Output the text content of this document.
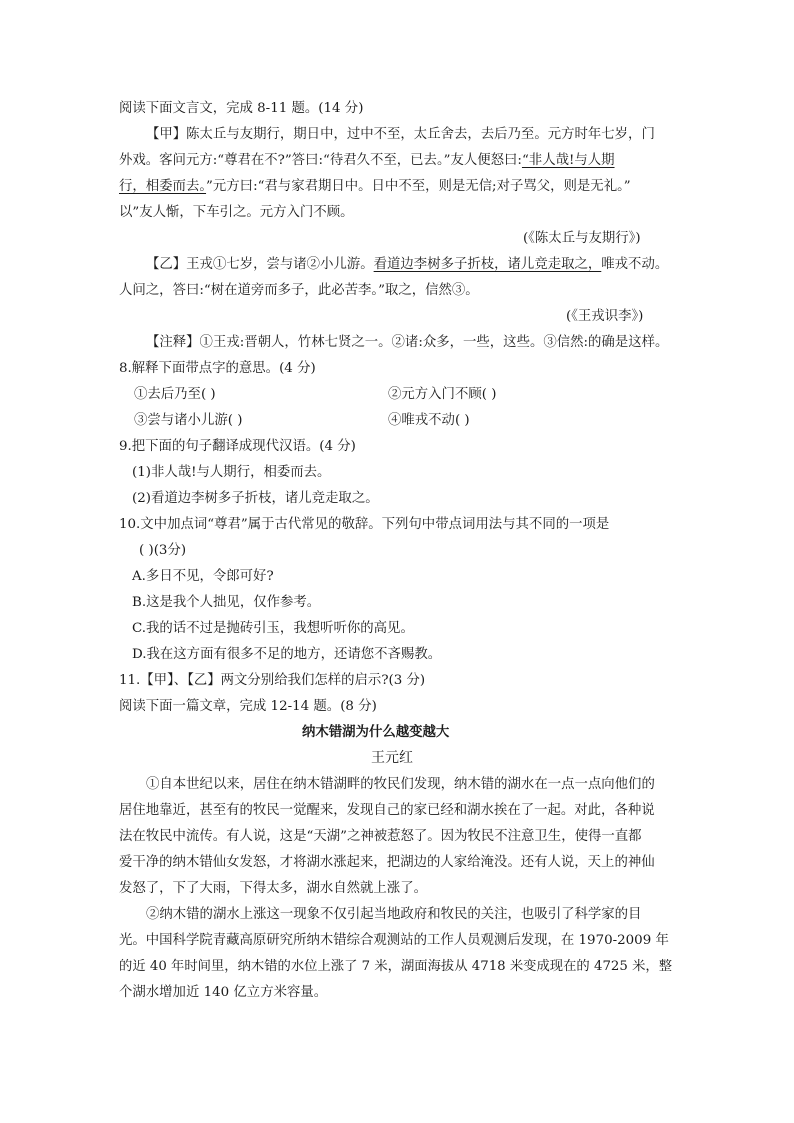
阅读下面文言文，完成 8-11 题。(14 分)
【甲】陈太丘与友期行，期日中，过中不至，太丘舍去，去后乃至。元方时年七岁，门
外戏。客问元方:“尊君在不?”答曰:“待君久不至，已去。”友人便怒曰:“非人哉!与人期
行，相委而去。”元方曰:“君与家君期日中。日中不至，则是无信;对子骂父，则是无礼。”
以”友人惭，下车引之。元方入门不顾。
(《陈太丘与友期行》)
【乙】王戎①七岁，尝与诸②小儿游。看道边李树多子折枝，诸儿竞走取之，唯戎不动。
人问之，答曰:“树在道旁而多子，此必苦李。”取之，信然③。
(《王戎识李》)
【注释】①王戎:晋朝人，竹林七贤之一。②诸:众多，一些，这些。③信然:的确是这样。
8.解释下面带点字的意思。(4 分)
①去后乃至( )	②元方入门不顾( )
③尝与诸小儿游( )	④唯戎不动( )
9.把下面的句子翻译成现代汉语。(4 分)
(1)非人哉!与人期行，相委而去。
(2)看道边李树多子折枝，诸儿竞走取之。
10.文中加点词“尊君”属于古代常见的敬辞。下列句中带点词用法与其不同的一项是
( )(3分)
A.多日不见，令郎可好?
B.这是我个人拙见，仅作参考。
C.我的话不过是抛砖引玉，我想听听你的高见。
D.我在这方面有很多不足的地方，还请您不吝赐教。
11.【甲】、【乙】两文分别给我们怎样的启示?(3 分)
阅读下面一篇文章，完成 12-14 题。(8 分)
纳木错湖为什么越变越大
王元红
①自本世纪以来，居住在纳木错湖畔的牧民们发现，纳木错的湖水在一点一点向他们的
居住地靠近，甚至有的牧民一觉醒来，发现自己的家已经和湖水挨在了一起。对此，各种说
法在牧民中流传。有人说，这是“天湖”之神被惹怒了。因为牧民不注意卫生，使得一直都
爱干净的纳木错仙女发怒，才将湖水涨起来，把湖边的人家给淹没。还有人说，天上的神仙
发怒了，下了大雨，下得太多，湖水自然就上涨了。
②纳木错的湖水上涨这一现象不仅引起当地政府和牧民的关注，也吸引了科学家的目
光。中国科学院青藏高原研究所纳木错综合观测站的工作人员观测后发现，在 1970-2009 年
的近 40 年时间里，纳木错的水位上涨了 7 米，湖面海拔从 4718 米变成现在的 4725 米，整
个湖水增加近 140 亿立方米容量。
